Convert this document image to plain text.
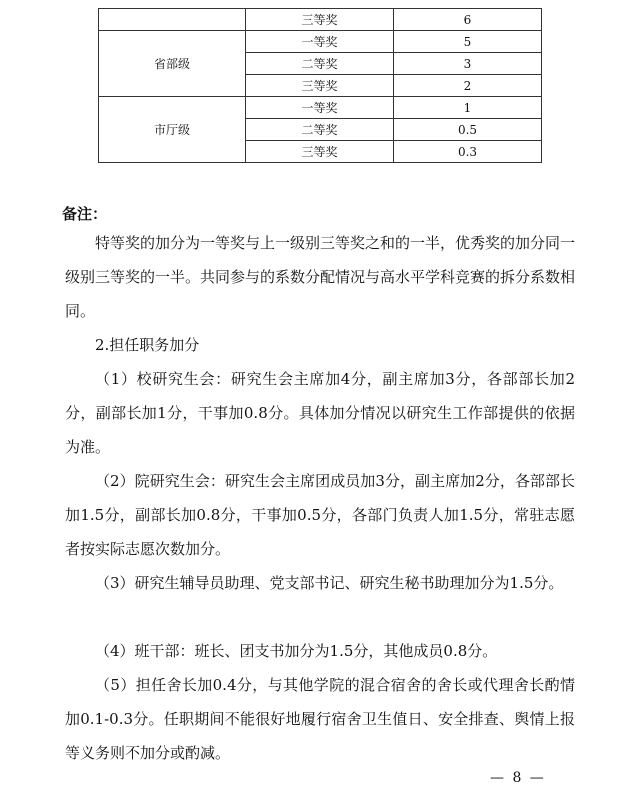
	三等奖	6
省部级	一等奖	5
	二等奖	3
	三等奖	2
市厅级	一等奖	1
	二等奖	0.5
	三等奖	0.3

备注：

特等奖的加分为一等奖与上一级别三等奖之和的一半，优秀奖的加分同一级别三等奖的一半。共同参与的系数分配情况与高水平学科竞赛的拆分系数相同。

2.担任职务加分

（1）校研究生会：研究生会主席加4分，副主席加3分，各部部长加2分，副部长加1分，干事加0.8分。具体加分情况以研究生工作部提供的依据为准。

（2）院研究生会：研究生会主席团成员加3分，副主席加2分，各部部长加1.5分，副部长加0.8分，干事加0.5分，各部门负责人加1.5分，常驻志愿者按实际志愿次数加分。

（3）研究生辅导员助理、党支部书记、研究生秘书助理加分为1.5分。

（4）班干部：班长、团支书加分为1.5分，其他成员0.8分。

（5）担任舍长加0.4分，与其他学院的混合宿舍的舍长或代理舍长酌情加0.1-0.3分。任职期间不能很好地履行宿舍卫生值日、安全排查、舆情上报等义务则不加分或酌减。

— 8 —
